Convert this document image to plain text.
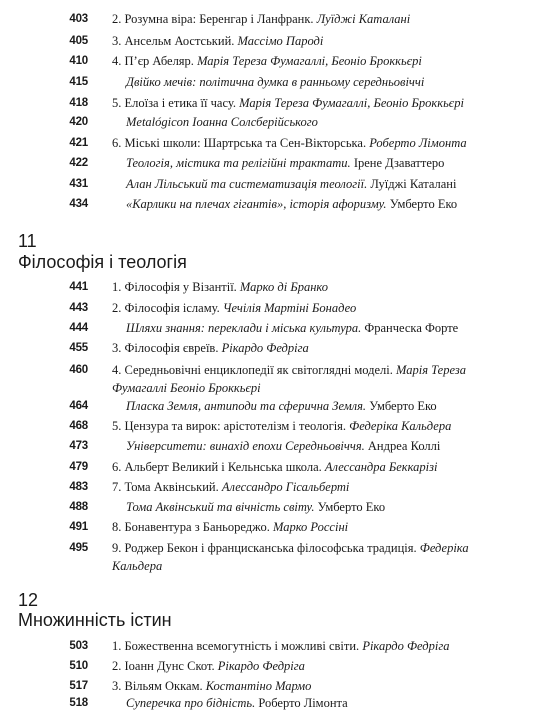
403 2. Розумна віра: Беренгар і Ланфранк. Луїджі Каталані
405 3. Ансельм Аостський. Массімо Пароді
410 4. П’єр Абеляр. Марія Тереза Фумагаллі, Беоніо Броккьєрі
415	Двійко мечів: політична думка в ранньому середньовіччі
418 5. Елоїза і етика її часу. Марія Тереза Фумагаллі, Беоніо Броккьєрі
420	Metalógicon Іоанна Солсберійського
421 6. Міські школи: Шартрська та Сен-Вікторська. Роберто Лімонта
422	Теологія, містика та релігійні трактати. Ірене Дзаваттеро
431	Алан Лільський та систематизація теології. Луїджі Каталані
434	«Карлики на плечах гігантів», історія афоризму. Умберто Еко
11
Філософія і теологія
441 1. Філософія у Візантії. Марко ді Бранко
443 2. Філософія ісламу. Чечілія Мартіні Бонадео
444	Шляхи знання: переклади і міська культура. Франческа Форте
455 3. Філософія євреїв. Рікардо Федріга
460 4. Середньовічні енциклопедії як світоглядні моделі. Марія Тереза Фумагаллі Беоніо Броккьєрі
464	Пласка Земля, антиподи та сферична Земля. Умберто Еко
468 5. Цензура та вирок: арістотелізм і теологія. Федеріка Кальдера
473	Університети: винахід епохи Середньовіччя. Андреа Коллі
479 6. Альберт Великий і Кельнська школа. Алессандра Беккарізі
483 7. Тома Аквінський. Алессандро Гісальберті
488	Тома Аквінський та вічність світу. Умберто Еко
491 8. Бонавентура з Баньореджо. Марко Россіні
495 9. Роджер Бекон і францисканська філософська традиція. Федеріка Кальдера
12
Множинність істин
503 1. Божественна всемогутність і можливі світи. Рікардо Федріга
510 2. Іоанн Дунс Скот. Рікардо Федріга
517 3. Вільям Оккам. Костантіно Мармо
518	Суперечка про бідність. Роберто Лімонта
